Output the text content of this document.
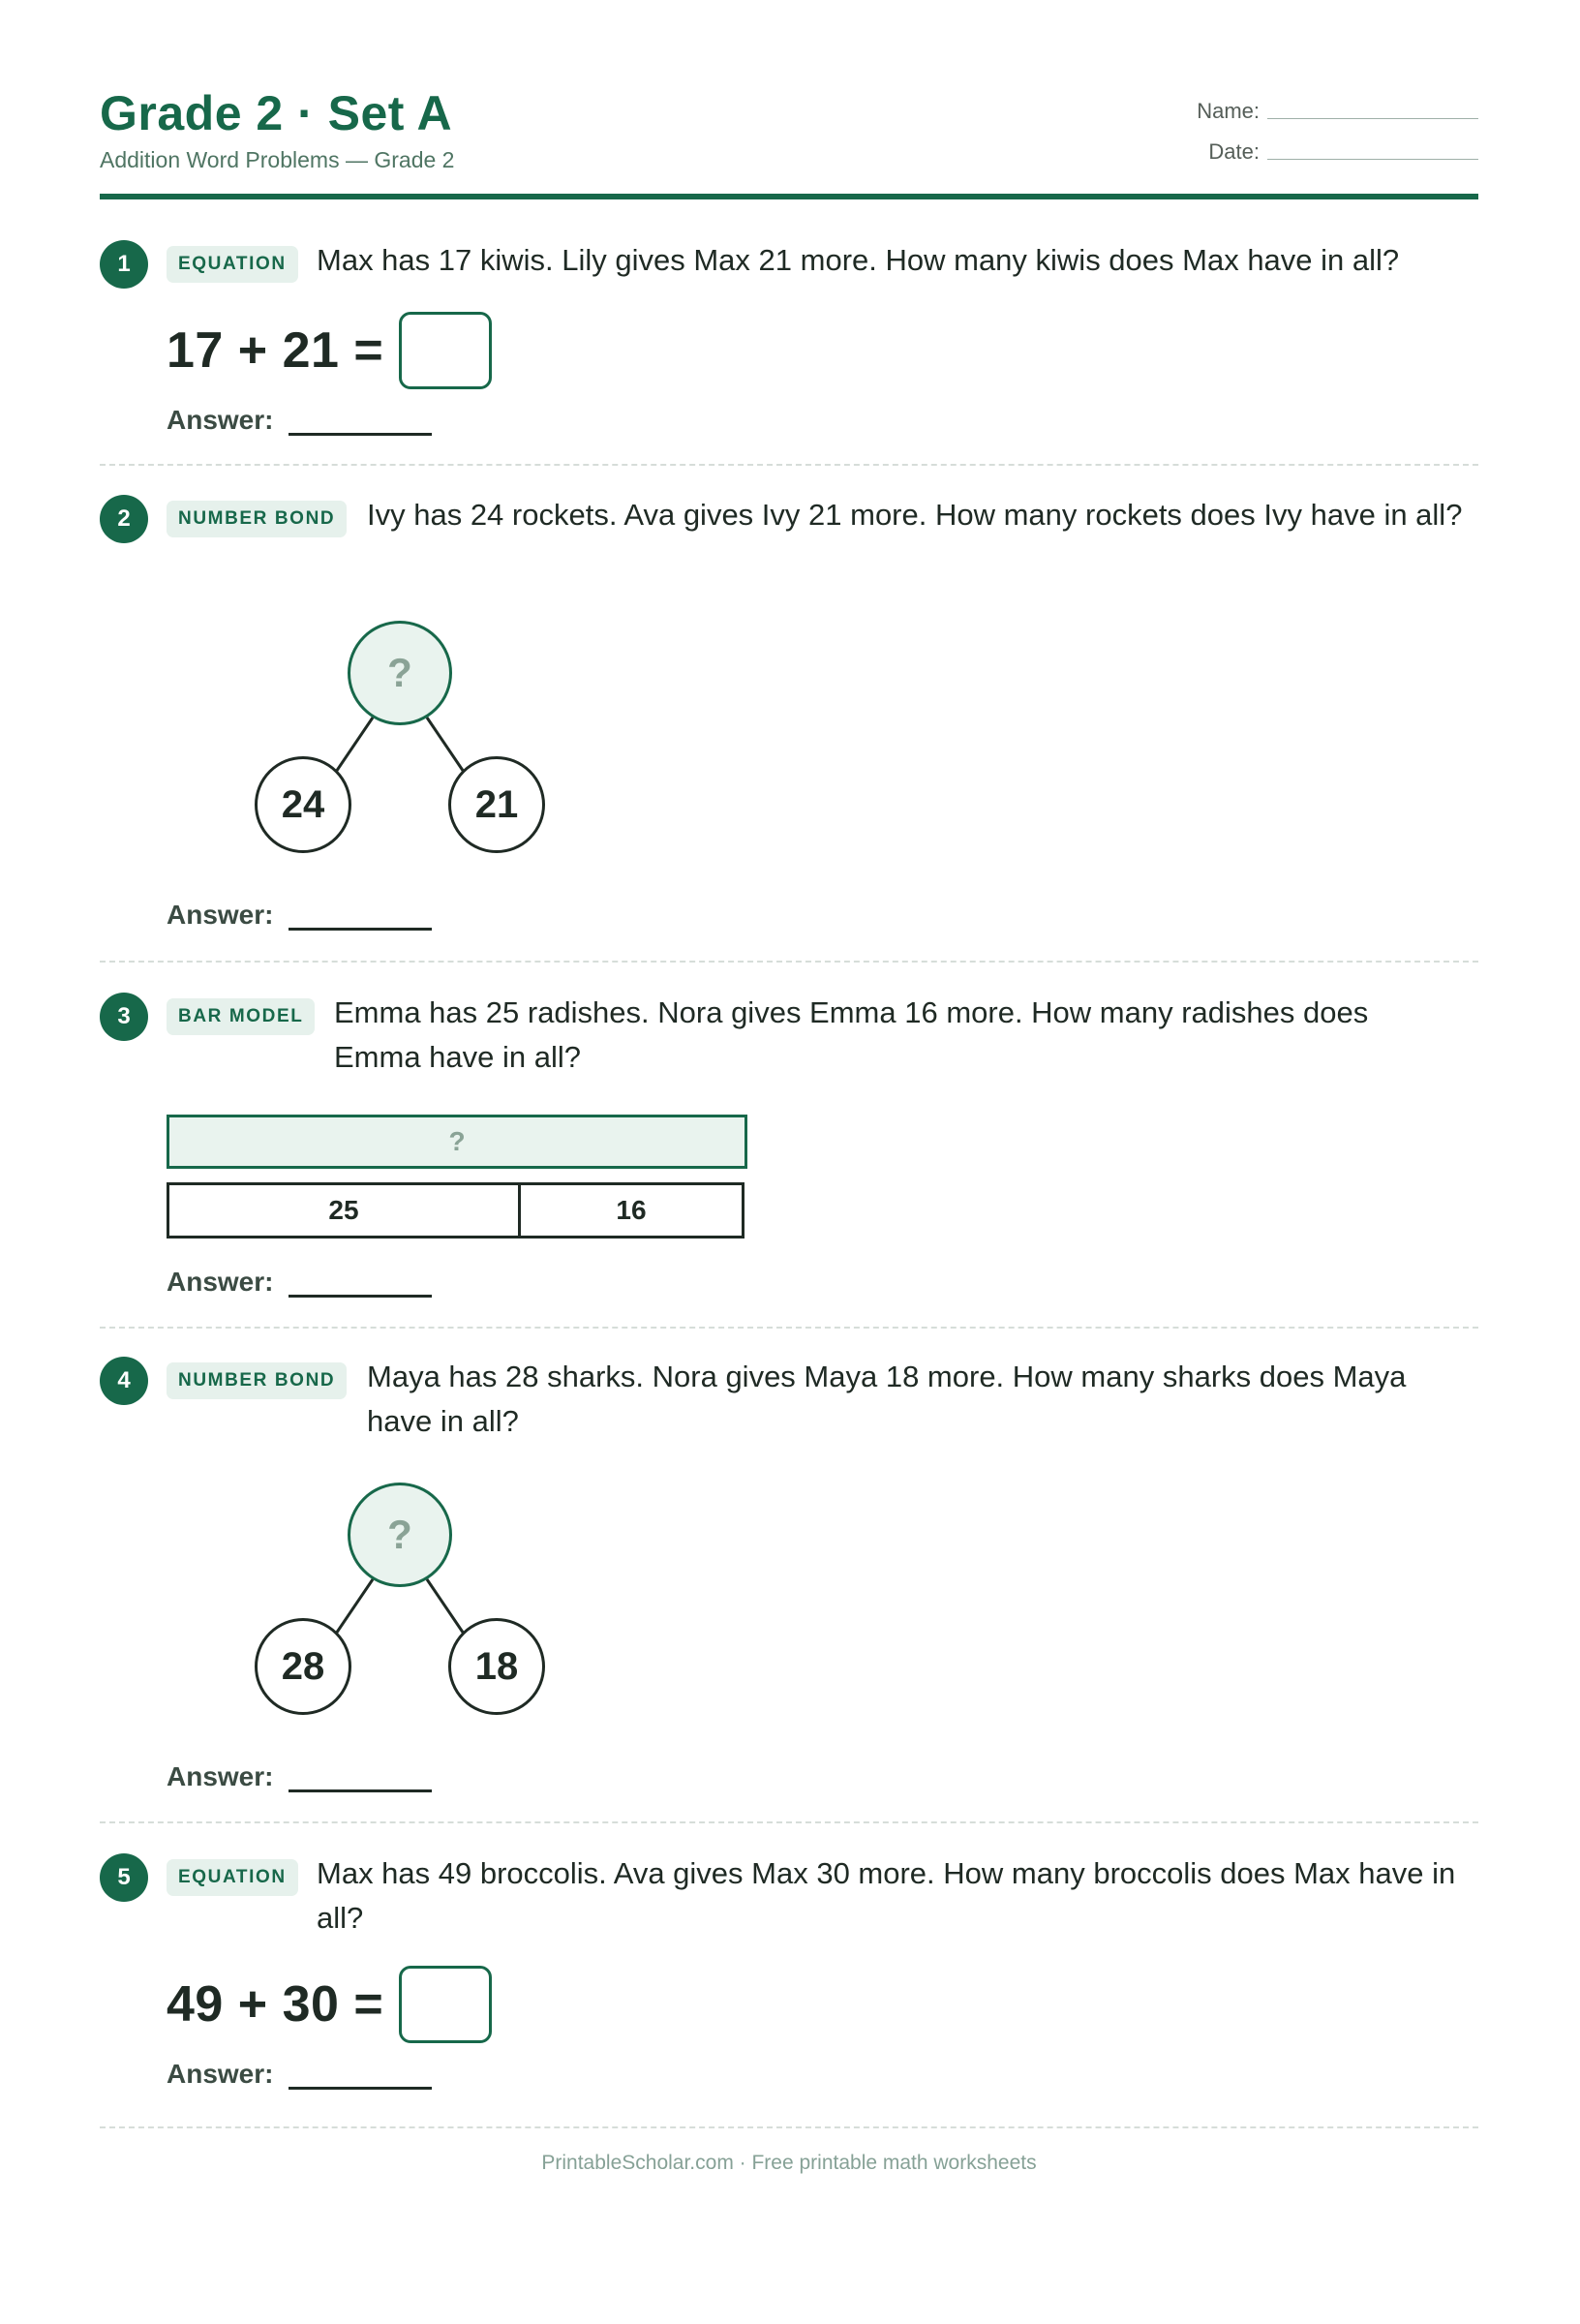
Grade 2 · Set A
Addition Word Problems — Grade 2
Name:
Date:
1	EQUATION	Max has 17 kiwis. Lily gives Max 21 more. How many kiwis does Max have in all?
17 + 21 =
Answer:
2	NUMBER BOND	Ivy has 24 rockets. Ava gives Ivy 21 more. How many rockets does Ivy have in all?
?
24	21
Answer:
3	BAR MODEL	Emma has 25 radishes. Nora gives Emma 16 more. How many radishes does Emma have in all?
?
25	16
Answer:
4	NUMBER BOND	Maya has 28 sharks. Nora gives Maya 18 more. How many sharks does Maya have in all?
?
28	18
Answer:
5	EQUATION	Max has 49 broccolis. Ava gives Max 30 more. How many broccolis does Max have in all?
49 + 30 =
Answer:
PrintableScholar.com · Free printable math worksheets
